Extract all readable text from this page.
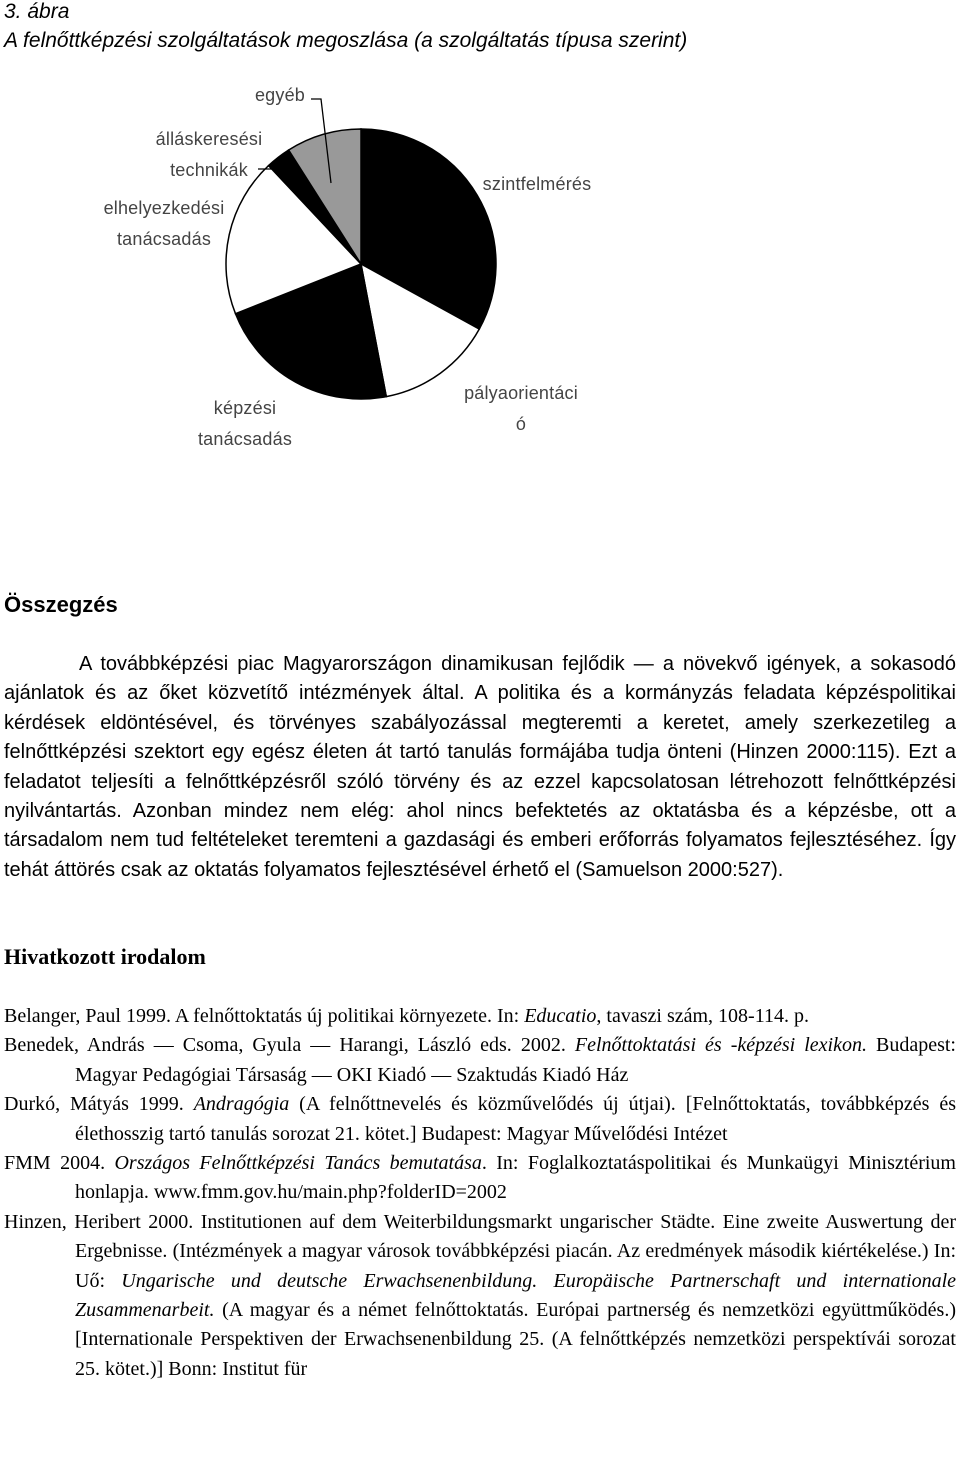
3. ábra
A felnőttképzési szolgáltatások megoszlása (a szolgáltatás típusa szerint)
egyéb
álláskeresési
technikák
elhelyezkedési
tanácsadás
szintfelmérés
képzési
tanácsadás
pályaorientáci
ó
Összegzés
A továbbképzési piac Magyarországon dinamikusan fejlődik — a növekvő igények, a sokasodó ajánlatok és az őket közvetítő intézmények által. A politika és a kormányzás feladata képzéspolitikai kérdések eldöntésével, és törvényes szabályozással megteremti a keretet, amely szerkezetileg a felnőttképzési szektort egy egész életen át tartó tanulás formájába tudja önteni (Hinzen 2000:115). Ezt a feladatot teljesíti a felnőttképzésről szóló törvény és az ezzel kapcsolatosan létrehozott felnőttképzési nyilvántartás. Azonban mindez nem elég: ahol nincs befektetés az oktatásba és a képzésbe, ott a társadalom nem tud feltételeket teremteni a gazdasági és emberi erőforrás folyamatos fejlesztéséhez. Így tehát áttörés csak az oktatás folyamatos fejlesztésével érhető el (Samuelson 2000:527).
Hivatkozott irodalom

Belanger, Paul 1999. A felnőttoktatás új politikai környezete. In: Educatio, tavaszi szám, 108-114. p.

Benedek, András — Csoma, Gyula — Harangi, László eds. 2002. Felnőttoktatási és -képzési lexikon. Budapest: Magyar Pedagógiai Társaság — OKI Kiadó — Szaktudás Kiadó Ház

Durkó, Mátyás 1999. Andragógia (A felnőttnevelés és közművelődés új útjai). [Felnőttoktatás, továbbképzés és élethosszig tartó tanulás sorozat 21. kötet.] Budapest: Magyar Művelődési Intézet

FMM 2004. Országos Felnőttképzési Tanács bemutatása. In: Foglalkoztatáspolitikai és Munkaügyi Minisztérium honlapja. www.fmm.gov.hu/main.php?folderID=2002

Hinzen, Heribert 2000. Institutionen auf dem Weiterbildungsmarkt ungarischer Städte. Eine zweite Auswertung der Ergebnisse. (Intézmények a magyar városok továbbképzési piacán. Az eredmények második kiértékelése.) In: Uő: Ungarische und deutsche Erwachsenenbildung. Europäische Partnerschaft und internationale Zusammenarbeit. (A magyar és a német felnőttoktatás. Európai partnerség és nemzetközi együttműködés.) [Internationale Perspektiven der Erwachsenenbildung 25. (A felnőttképzés nemzetközi perspektívái sorozat 25. kötet.)] Bonn: Institut für
